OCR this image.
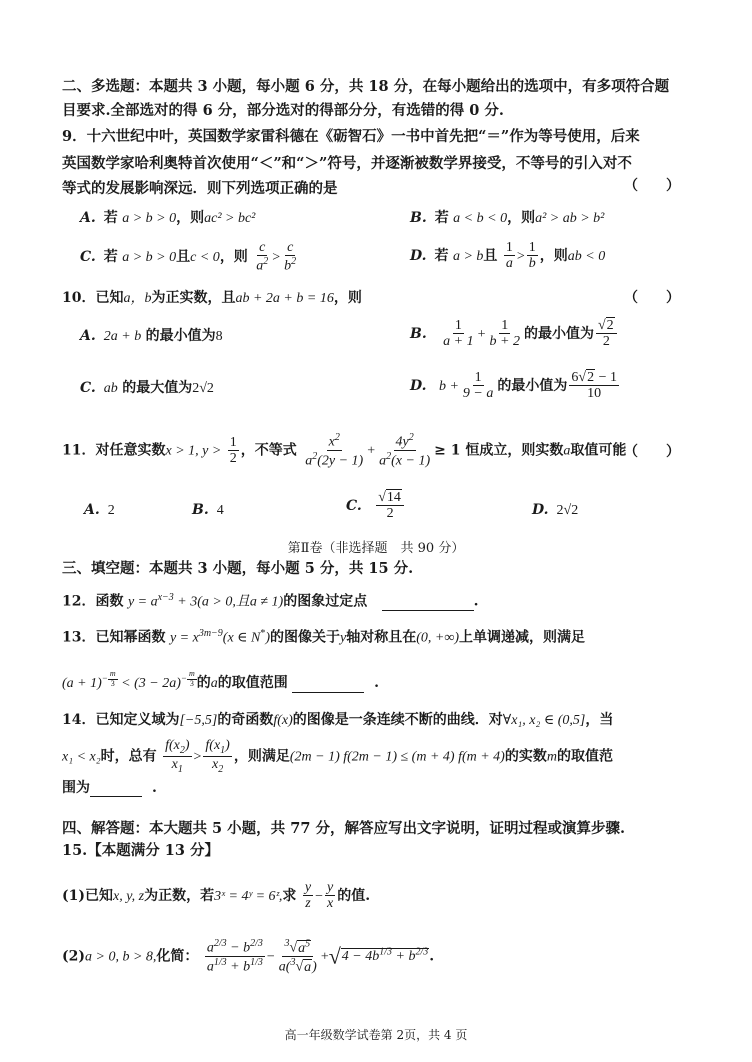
二、多选题：本题共 3 小题，每小题 6 分，共 18 分，在每小题给出的选项中，有多项符合题
目要求.全部选对的得 6 分，部分选对的得部分分，有选错的得 0 分.
9．十六世纪中叶，英国数学家雷科德在《砺智石》一书中首先把“＝”作为等号使用，后来
英国数学家哈利奥特首次使用“＜”和“＞”符号，并逐渐被数学界接受，不等号的引入对不
等式的发展影响深远．则下列选项正确的是	（　　）
A. 若 a > b > 0，则ac² > bc²	B. 若 a < b < 0，则a² > ab > b²
C. 若 a > b > 0且c < 0，则 $\frac{c}{a^2} > \frac{c}{b^2}$	D. 若 a > b且 $\frac{1}{a} > \frac{1}{b}$ ，则ab < 0
10．已知a，b为正实数，且ab + 2a + b = 16，则	（　　）
A. 2a + b 的最小值为8	B. $\frac{1}{a + 1} + \frac{1}{b + 2}$ 的最小值为 $\frac{√2}{2}$
C. ab 的最大值为2√2	D. $b + \frac{1}{9 - a}$ 的最小值为 $\frac{6√2 - 1}{10}$
11．对任意实数x > 1, $y > \frac{1}{2}$ ，不等式 $\frac{x^2}{a^2(2y - 1)} + \frac{4y^2}{a^2(x - 1)} \ge 1$ 恒成立，则实数a取值可能
（　　）
A. 2	B. 4	C. $\frac{√14}{2}$	D. 2√2
第Ⅱ卷（非选择题　共 90 分）
三、填空题：本题共 3 小题，每小题 5 分，共 15 分.
12．函数 $y = a^{x-3} + 3(a > 0$,且a ≠ 1)的图象过定点	.
13．已知幂函数 $y = x^{3m-9}(x$ ∈ N*)的图像关于y轴对称且在(0, +∞)上单调递减，则满足
$(a + 1)^{- \frac{m}{3}} < (3 - 2a)^{- \frac{m}{3}}$ 的a的取值范围	.
14．已知定义域为[−5,5]的奇函数f(x)的图像是一条连续不断的曲线．对∀x₁, x₂ ∈ (0,5]，当
x₁ < x₂时，总有 $\frac{f(x_2)}{x_1} > \frac{f(x_1)}{x_2}$ ，则满足(2m − 1) f(2m − 1) ≤ (m + 4) f(m + 4)的实数m的取值范
围为	.
四、解答题：本大题共 5 小题，共 77 分，解答应写出文字说明，证明过程或演算步骤.
15.【本题满分 13 分】
(1)已知x, y, z为正数，若3ˣ = 4ʸ = 6ᶻ,求 $\frac{y}{z} - \frac{y}{x}$ 的值.
(2)a > 0, b > 8,化简： $\frac{a^{2/3} - b^{2/3}}{a^{1/3} + b^{1/3}} - \frac{^3√a^5}{a(^3√a)} +√4 - 4b^{1/3} + b^{2/3}$.
高一年级数学试卷第 2页，共 4 页
